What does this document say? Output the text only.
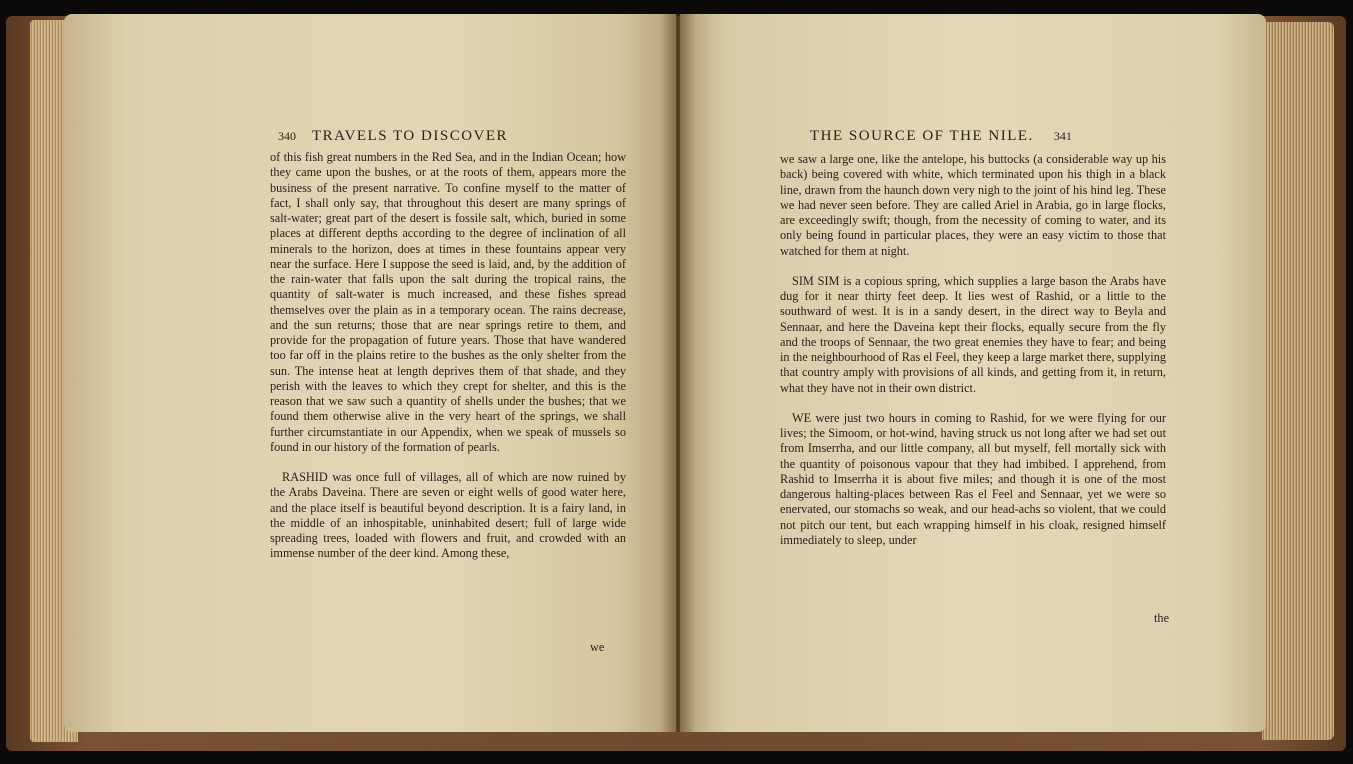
340 TRAVELS TO DISCOVER

of this fish great numbers in the Red Sea, and in the Indian Ocean; how they came upon the bushes, or at the roots of them, appears more the business of the present narrative. To confine myself to the matter of fact, I shall only say, that throughout this desert are many springs of salt-water; great part of the desert is fossile salt, which, buried in some places at different depths according to the degree of inclination of all minerals to the horizon, does at times in these fountains appear very near the surface. Here I suppose the seed is laid, and, by the addition of the rain-water that falls upon the salt during the tropical rains, the quantity of salt-water is much increased, and these fishes spread themselves over the plain as in a temporary ocean. The rains decrease, and the sun returns; those that are near springs retire to them, and provide for the propagation of future years. Those that have wandered too far off in the plains retire to the bushes as the only shelter from the sun. The intense heat at length deprives them of that shade, and they perish with the leaves to which they crept for shelter, and this is the reason that we saw such a quantity of shells under the bushes; that we found them otherwise alive in the very heart of the springs, we shall further circumstantiate in our Appendix, when we speak of mussels so found in our history of the formation of pearls.

RASHID was once full of villages, all of which are now ruined by the Arabs Daveina. There are seven or eight wells of good water here, and the place itself is beautiful beyond description. It is a fairy land, in the middle of an inhospitable, uninhabited desert; full of large wide spreading trees, loaded with flowers and fruit, and crowded with an immense number of the deer kind. Among these,

we
THE SOURCE OF THE NILE. 341

we saw a large one, like the antelope, his buttocks (a considerable way up his back) being covered with white, which terminated upon his thigh in a black line, drawn from the haunch down very nigh to the joint of his hind leg. These we had never seen before. They are called Ariel in Arabia, go in large flocks, are exceedingly swift; though, from the necessity of coming to water, and its only being found in particular places, they were an easy victim to those that watched for them at night.

SIM SIM is a copious spring, which supplies a large bason the Arabs have dug for it near thirty feet deep. It lies west of Rashid, or a little to the southward of west. It is in a sandy desert, in the direct way to Beyla and Sennaar, and here the Daveina kept their flocks, equally secure from the fly and the troops of Sennaar, the two great enemies they have to fear; and being in the neighbourhood of Ras el Feel, they keep a large market there, supplying that country amply with provisions of all kinds, and getting from it, in return, what they have not in their own district.

WE were just two hours in coming to Rashid, for we were flying for our lives; the Simoom, or hot-wind, having struck us not long after we had set out from Imserrha, and our little company, all but myself, fell mortally sick with the quantity of poisonous vapour that they had imbibed. I apprehend, from Rashid to Imserrha it is about five miles; and though it is one of the most dangerous halting-places between Ras el Feel and Sennaar, yet we were so enervated, our stomachs so weak, and our head-achs so violent, that we could not pitch our tent, but each wrapping himself in his cloak, resigned himself immediately to sleep, under

the
